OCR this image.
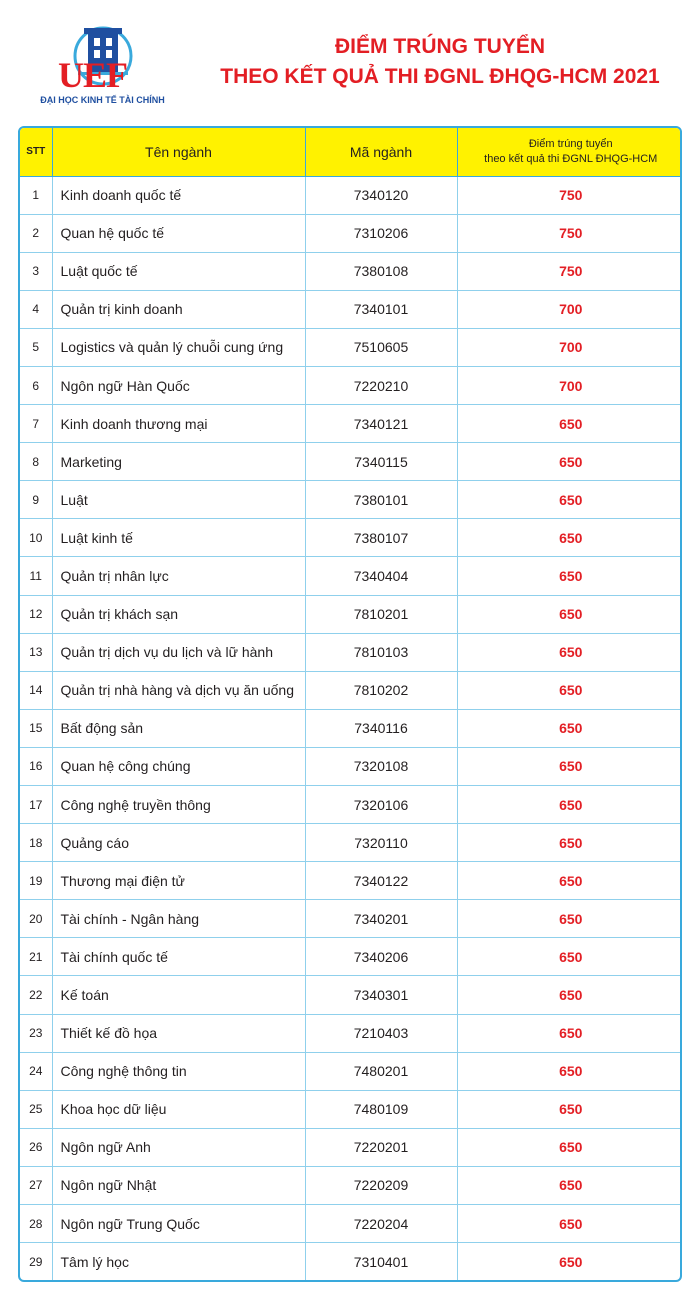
UEF
ĐẠI HỌC KINH TẾ TÀI CHÍNH
ĐIỂM TRÚNG TUYỂN
THEO KẾT QUẢ THI ĐGNL ĐHQG-HCM 2021
STT	Tên ngành	Mã ngành	Điểm trúng tuyển
theo kết quả thi ĐGNL ĐHQG-HCM

1	Kinh doanh quốc tế	7340120	750
2	Quan hệ quốc tế	7310206	750
3	Luật quốc tế	7380108	750
4	Quản trị kinh doanh	7340101	700
5	Logistics và quản lý chuỗi cung ứng	7510605	700
6	Ngôn ngữ Hàn Quốc	7220210	700
7	Kinh doanh thương mại	7340121	650
8	Marketing	7340115	650
9	Luật	7380101	650
10	Luật kinh tế	7380107	650
11	Quản trị nhân lực	7340404	650
12	Quản trị khách sạn	7810201	650
13	Quản trị dịch vụ du lịch và lữ hành	7810103	650
14	Quản trị nhà hàng và dịch vụ ăn uống	7810202	650
15	Bất động sản	7340116	650
16	Quan hệ công chúng	7320108	650
17	Công nghệ truyền thông	7320106	650
18	Quảng cáo	7320110	650
19	Thương mại điện tử	7340122	650
20	Tài chính - Ngân hàng	7340201	650
21	Tài chính quốc tế	7340206	650
22	Kế toán	7340301	650
23	Thiết kế đồ họa	7210403	650
24	Công nghệ thông tin	7480201	650
25	Khoa học dữ liệu	7480109	650
26	Ngôn ngữ Anh	7220201	650
27	Ngôn ngữ Nhật	7220209	650
28	Ngôn ngữ Trung Quốc	7220204	650
29	Tâm lý học	7310401	650
